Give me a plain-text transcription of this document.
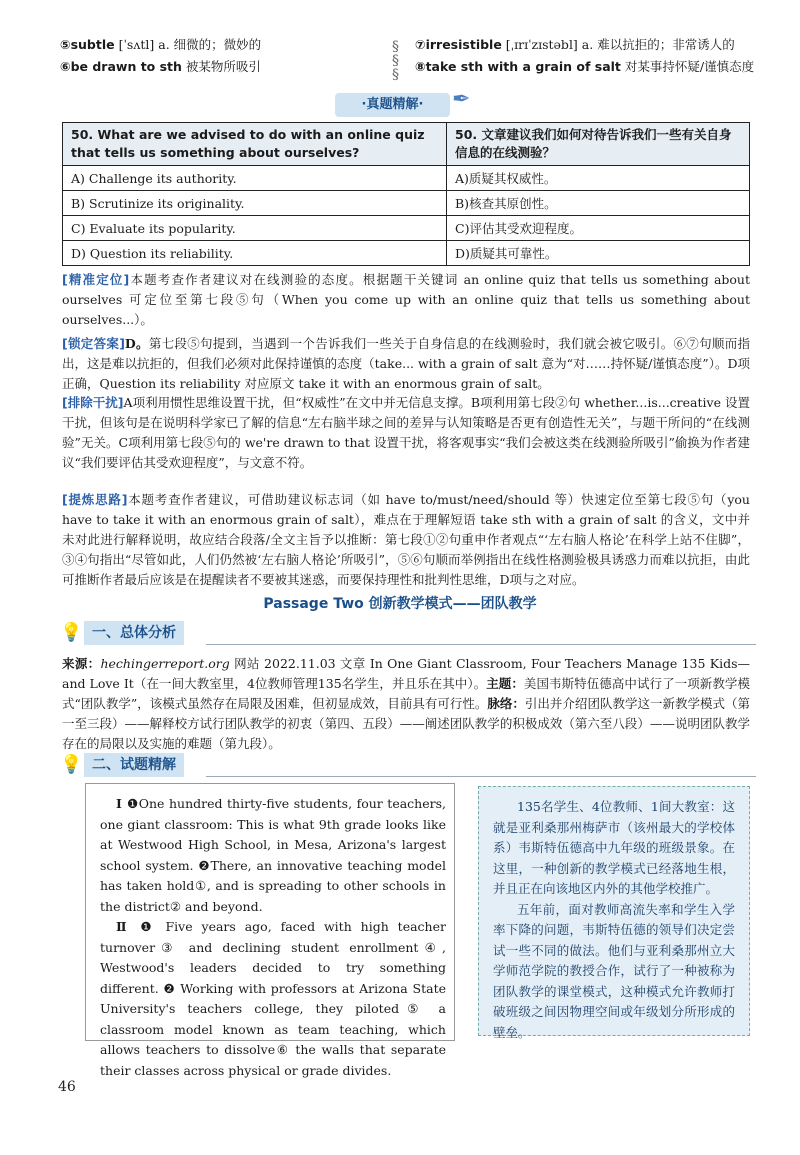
⑤subtle [ˈsʌtl] a. 细微的；微妙的
⑥be drawn to sth 被某物所吸引
§
§
§
⑦irresistible [ˌɪrɪˈzɪstəbl] a. 难以抗拒的；非常诱人的
⑧take sth with a grain of salt 对某事持怀疑/谨慎态度
·真题精解·	✒
50. What are we advised to do with an online quiz that tells us something about ourselves?	50. 文章建议我们如何对待告诉我们一些有关自身信息的在线测验？
A) Challenge its authority.	A)质疑其权威性。
B) Scrutinize its originality.	B)核查其原创性。
C) Evaluate its popularity.	C)评估其受欢迎程度。
D) Question its reliability.	D)质疑其可靠性。
[精准定位]本题考查作者建议对在线测验的态度。根据题干关键词 an online quiz that tells us something about ourselves 可定位至第七段⑤句（When you come up with an online quiz that tells us something about ourselves...）。
[锁定答案]D。第七段⑤句提到，当遇到一个告诉我们一些关于自身信息的在线测验时，我们就会被它吸引。⑥⑦句顺而指出，这是难以抗拒的，但我们必须对此保持谨慎的态度（take... with a grain of salt 意为“对……持怀疑/谨慎态度”）。D项正确，Question its reliability 对应原文 take it with an enormous grain of salt。
[排除干扰]A项利用惯性思维设置干扰，但“权威性”在文中并无信息支撑。B项利用第七段②句 whether...is...creative 设置干扰，但该句是在说明科学家已了解的信息“左右脑半球之间的差异与认知策略是否更有创造性无关”，与题干所问的“在线测验”无关。C项利用第七段⑤句的 we're drawn to that 设置干扰，将客观事实“我们会被这类在线测验所吸引”偷换为作者建议“我们要评估其受欢迎程度”，与文意不符。
[提炼思路]本题考查作者建议，可借助建议标志词（如 have to/must/need/should 等）快速定位至第七段⑤句（you have to take it with an enormous grain of salt），难点在于理解短语 take sth with a grain of salt 的含义，文中并未对此进行解释说明，故应结合段落/全文主旨予以推断：第七段①②句重申作者观点“‘左右脑人格论’在科学上站不住脚”，③④句指出“尽管如此，人们仍然被‘左右脑人格论’所吸引”，⑤⑥句顺而举例指出在线性格测验极具诱惑力而难以抗拒，由此可推断作者最后应该是在提醒读者不要被其迷惑，而要保持理性和批判性思维，D项与之对应。
Passage Two 创新教学模式——团队教学
💡 一、总体分析
来源：hechingerreport.org 网站 2022.11.03 文章 In One Giant Classroom, Four Teachers Manage 135 Kids—and Love It（在一间大教室里，4位教师管理135名学生，并且乐在其中）。主题：美国韦斯特伍德高中试行了一项新教学模式“团队教学”，该模式虽然存在局限及困难，但初显成效，目前具有可行性。脉络：引出并介绍团队教学这一新教学模式（第一至三段）——解释校方试行团队教学的初衷（第四、五段）——阐述团队教学的积极成效（第六至八段）——说明团队教学存在的局限以及实施的难题（第九段）。
💡 二、试题精解

Ⅰ ❶One hundred thirty-five students, four teachers, one giant classroom: This is what 9th grade looks like at Westwood High School, in Mesa, Arizona's largest school system. ❷There, an innovative teaching model has taken hold①, and is spreading to other schools in the district② and beyond.

Ⅱ ❶ Five years ago, faced with high teacher turnover③ and declining student enrollment④, Westwood's leaders decided to try something different. ❷ Working with professors at Arizona State University's teachers college, they piloted⑤ a classroom model known as team teaching, which allows teachers to dissolve⑥ the walls that separate their classes across physical or grade divides.

135名学生、4位教师、1间大教室：这就是亚利桑那州梅萨市（该州最大的学校体系）韦斯特伍德高中九年级的班级景象。在这里，一种创新的教学模式已经落地生根，并且正在向该地区内外的其他学校推广。

五年前，面对教师高流失率和学生入学率下降的问题，韦斯特伍德的领导们决定尝试一些不同的做法。他们与亚利桑那州立大学师范学院的教授合作，试行了一种被称为团队教学的课堂模式，这种模式允许教师打破班级之间因物理空间或年级划分所形成的壁垒。

46
